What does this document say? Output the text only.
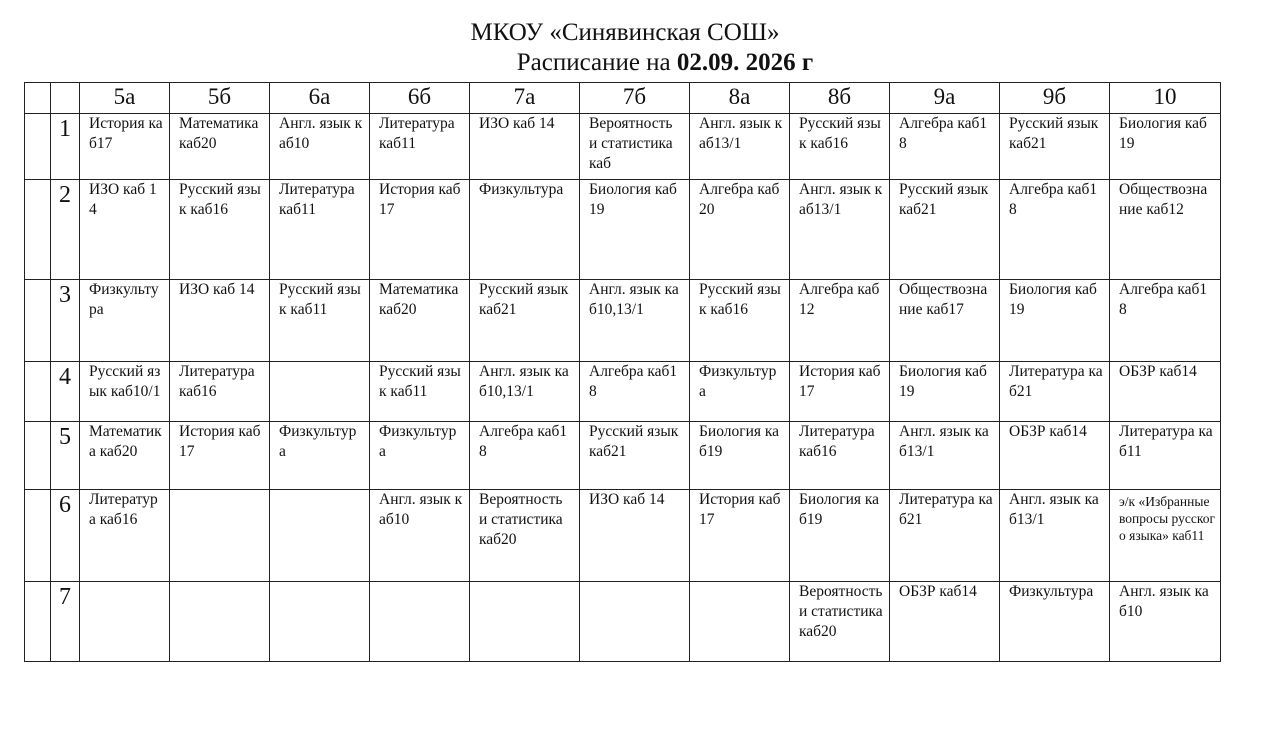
МКОУ «Синявинская СОШ»
Расписание на 02.09. 2026 г
		5а	5б	6а	6б	7а	7б	8а	8б	9а	9б	10
	1	История каб17	Математика каб20	Англ. язык каб10	Литература каб11	ИЗО каб 14	Вероятность и статистика каб	Англ. язык каб13/1	Русский язык каб16	Алгебра каб18	Русский язык каб21	Биология каб19
	2	ИЗО каб 14	Русский язык каб16	Литература каб11	История каб17	Физкультура	Биология каб19	Алгебра каб20	Англ. язык каб13/1	Русский язык каб21	Алгебра каб18	Обществознание каб12
	3	Физкультура	ИЗО каб 14	Русский язык каб11	Математика каб20	Русский язык каб21	Англ. язык каб10,13/1	Русский язык каб16	Алгебра каб12	Обществознание каб17	Биология каб19	Алгебра каб18
	4	Русский язык каб10/1	Литература каб16		Русский язык каб11	Англ. язык каб10,13/1	Алгебра каб18	Физкультура	История каб17	Биология каб19	Литература каб21	ОБЗР каб14
	5	Математика каб20	История каб17	Физкультура	Физкультура	Алгебра каб18	Русский язык каб21	Биология каб19	Литература каб16	Англ. язык каб13/1	ОБЗР каб14	Литература каб11
	6	Литература каб16			Англ. язык каб10	Вероятность и статистика каб20	ИЗО каб 14	История каб17	Биология каб19	Литература каб21	Англ. язык каб13/1	э/к «Избранные вопросы русского языка» каб11
	7								Вероятность и статистика каб20	ОБЗР каб14	Физкультура	Англ. язык каб10
